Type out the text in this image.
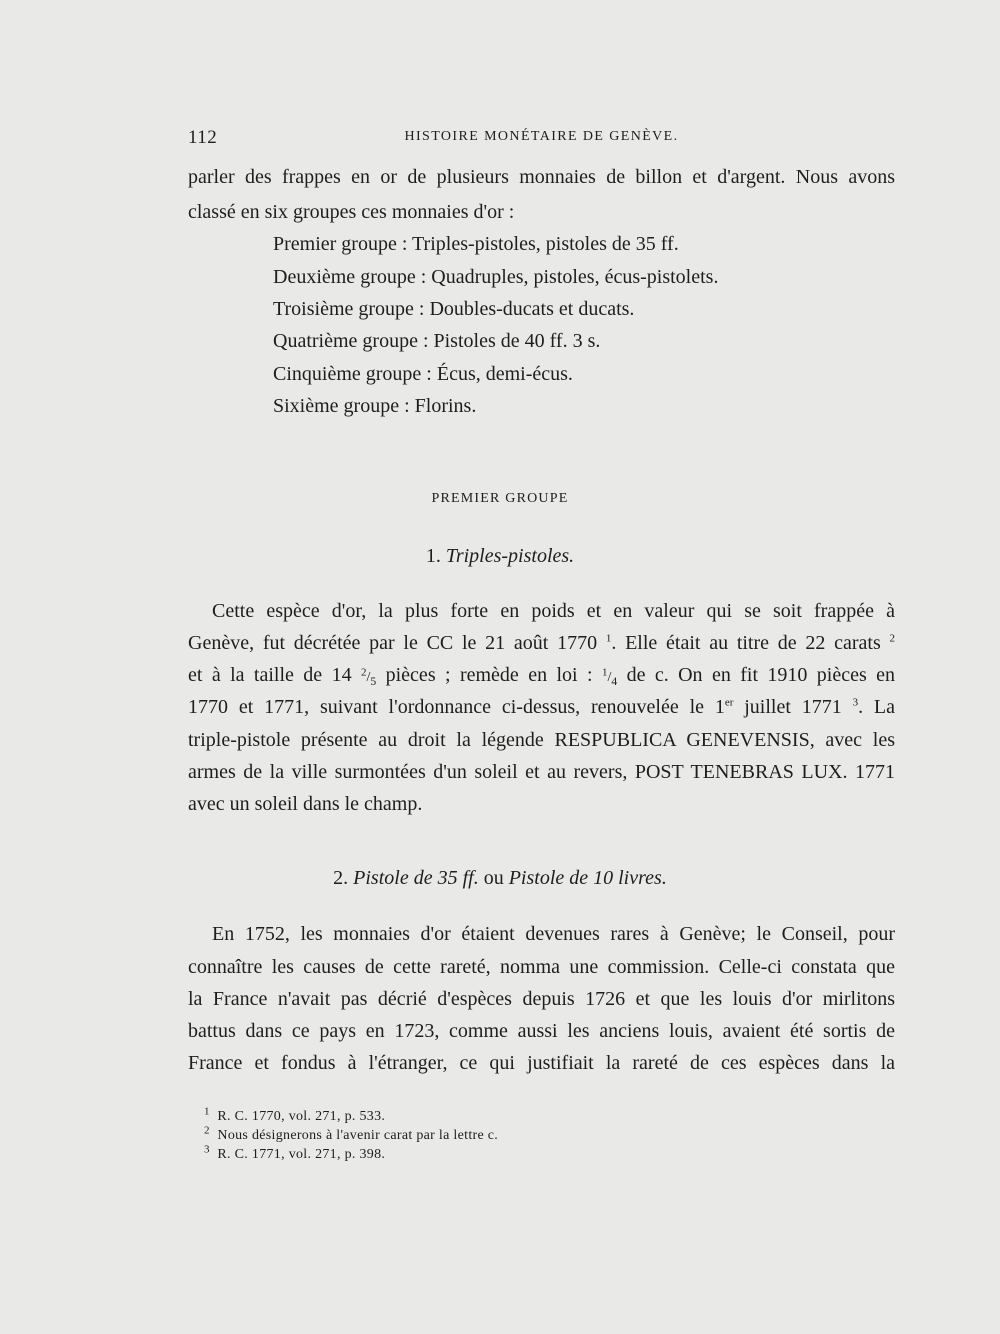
112	HISTOIRE MONÉTAIRE DE GENÈVE.
parler des frappes en or de plusieurs monnaies de billon et d'argent. Nous avons
classé en six groupes ces monnaies d'or :
Premier groupe : Triples-pistoles, pistoles de 35 ff.
Deuxième groupe : Quadruples, pistoles, écus-pistolets.
Troisième groupe : Doubles-ducats et ducats.
Quatrième groupe : Pistoles de 40 ff. 3 s.
Cinquième groupe : Écus, demi-écus.
Sixième groupe : Florins.
PREMIER GROUPE
1. Triples-pistoles.
Cette espèce d'or, la plus forte en poids et en valeur qui se soit frappée à
Genève, fut décrétée par le CC le 21 août 1770 $^1$. Elle était au titre de 22 carats $^2$
et à la taille de 14 $^2/_5$ pièces ; remède en loi : $^1/_4$ de c. On en fit 1910 pièces en
1770 et 1771, suivant l'ordonnance ci-dessus, renouvelée le 1er juillet 1771 $^3$. La
triple-pistole présente au droit la légende RESPUBLICA GENEVENSIS, avec les
armes de la ville surmontées d'un soleil et au revers, POST TENEBRAS LUX. 1771
avec un soleil dans le champ.
2. Pistole de 35 ff. ou Pistole de 10 livres.
En 1752, les monnaies d'or étaient devenues rares à Genève; le Conseil, pour
connaître les causes de cette rareté, nomma une commission. Celle-ci constata que
la France n'avait pas décrié d'espèces depuis 1726 et que les louis d'or mirlitons
battus dans ce pays en 1723, comme aussi les anciens louis, avaient été sortis de
France et fondus à l'étranger, ce qui justifiait la rareté de ces espèces dans la
$^1$ R. C. 1770, vol. 271, p. 533.
$^2$ Nous désignerons à l'avenir carat par la lettre c.
$^3$ R. C. 1771, vol. 271, p. 398.
